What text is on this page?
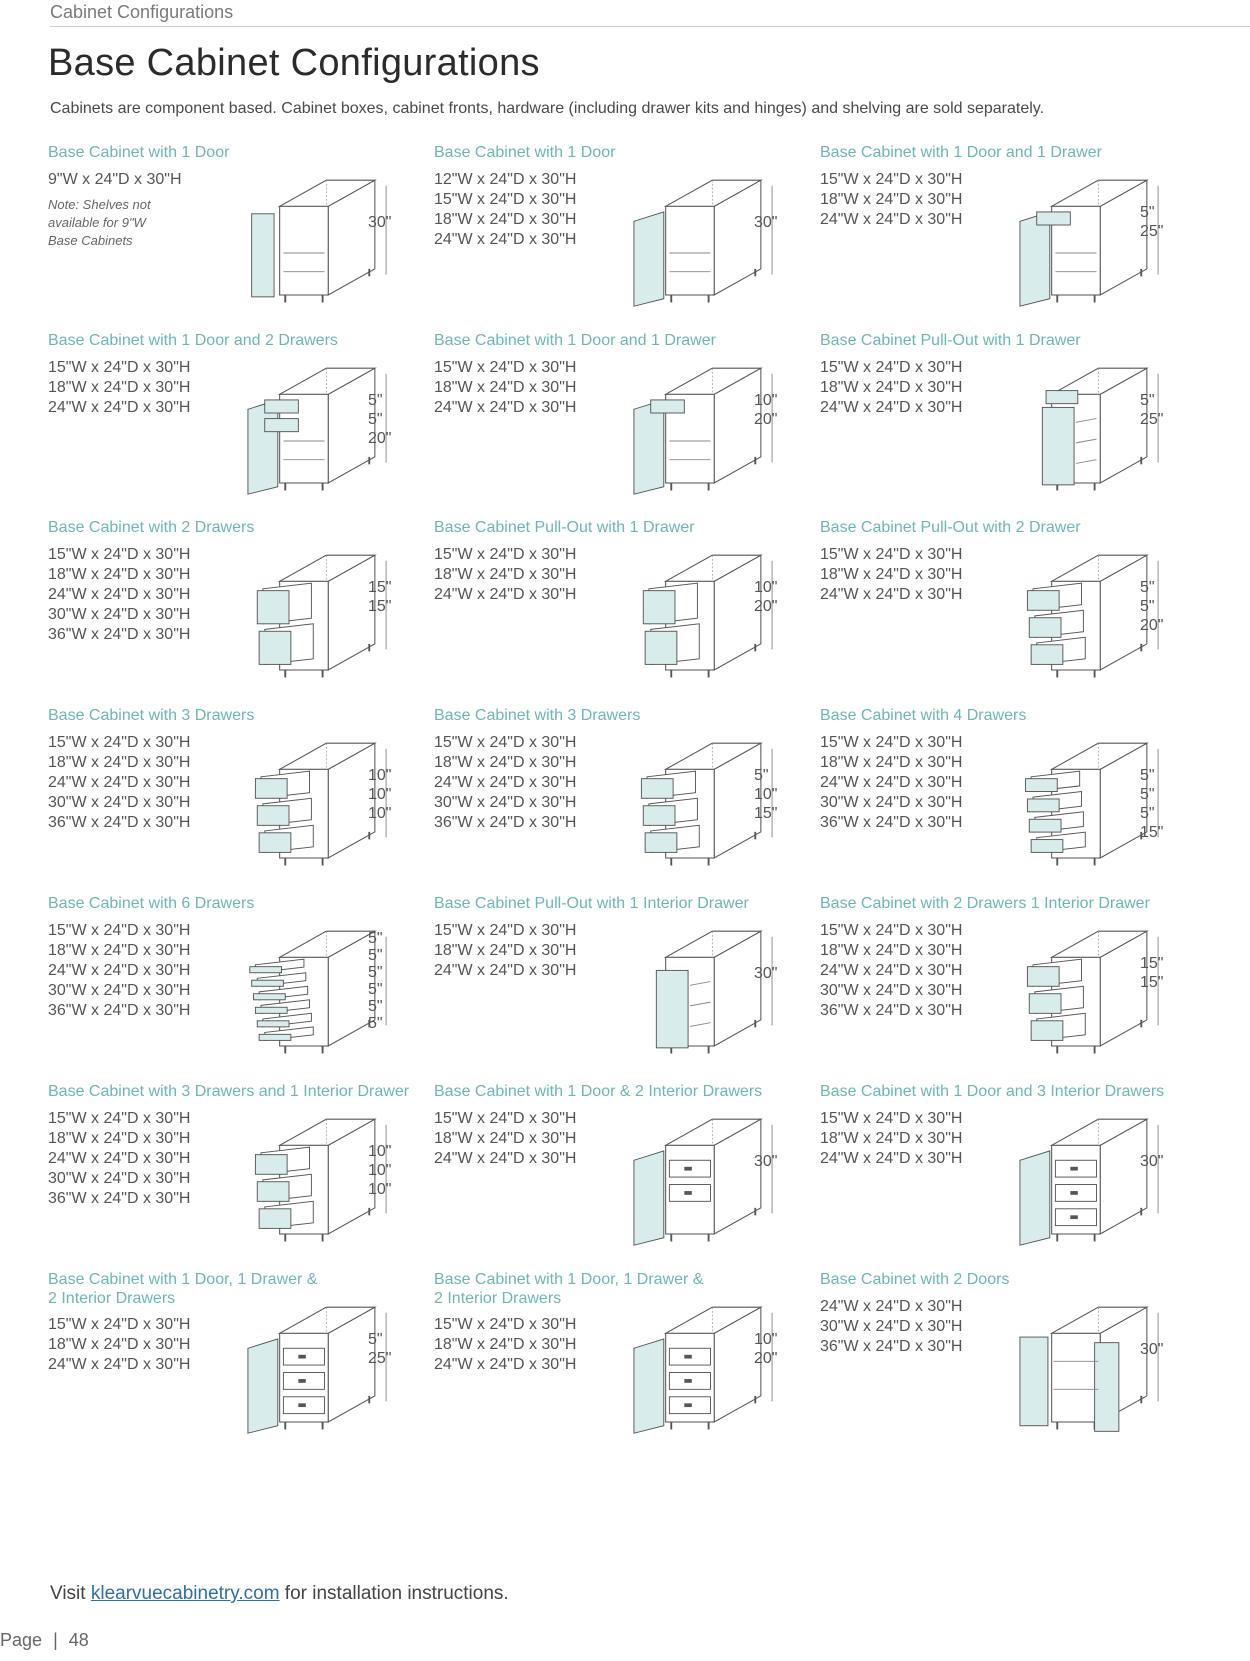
Cabinet Configurations
Base Cabinet Configurations
Cabinets are component based. Cabinet boxes, cabinet fronts, hardware (including drawer kits and hinges) and shelving are sold separately.
Base Cabinet with 1 Door
9"W x 24"D x 30"H
Note: Shelves not
available for 9"W
Base Cabinets
30"
Base Cabinet with 1 Door
12"W x 24"D x 30"H
15"W x 24"D x 30"H
18"W x 24"D x 30"H
24"W x 24"D x 30"H
30"
Base Cabinet with 1 Door and 1 Drawer
15"W x 24"D x 30"H
18"W x 24"D x 30"H
24"W x 24"D x 30"H	5"
25"
Base Cabinet with 1 Door and 2 Drawers
15"W x 24"D x 30"H
18"W x 24"D x 30"H
24"W x 24"D x 30"H	5"
5"
20"
Base Cabinet with 1 Door and 1 Drawer
15"W x 24"D x 30"H
18"W x 24"D x 30"H
24"W x 24"D x 30"H	10"
20"
Base Cabinet Pull-Out with 1 Drawer
15"W x 24"D x 30"H
18"W x 24"D x 30"H
24"W x 24"D x 30"H	5"
25"
Base Cabinet with 2 Drawers
15"W x 24"D x 30"H
18"W x 24"D x 30"H
24"W x 24"D x 30"H
30"W x 24"D x 30"H
36"W x 24"D x 30"H
15"
15"
Base Cabinet Pull-Out with 1 Drawer
15"W x 24"D x 30"H
18"W x 24"D x 30"H
24"W x 24"D x 30"H	10"
20"
Base Cabinet Pull-Out with 2 Drawer
15"W x 24"D x 30"H
18"W x 24"D x 30"H
24"W x 24"D x 30"H	5"
5"
20"
Base Cabinet with 3 Drawers
15"W x 24"D x 30"H
18"W x 24"D x 30"H
24"W x 24"D x 30"H
30"W x 24"D x 30"H
36"W x 24"D x 30"H
10"
10"
10"
Base Cabinet with 3 Drawers
15"W x 24"D x 30"H
18"W x 24"D x 30"H
24"W x 24"D x 30"H
30"W x 24"D x 30"H
36"W x 24"D x 30"H
5"
10"
15"
Base Cabinet with 4 Drawers
15"W x 24"D x 30"H
18"W x 24"D x 30"H
24"W x 24"D x 30"H
30"W x 24"D x 30"H
36"W x 24"D x 30"H
5"
5"
5"
15"
Base Cabinet with 6 Drawers
15"W x 24"D x 30"H
18"W x 24"D x 30"H
24"W x 24"D x 30"H
30"W x 24"D x 30"H
36"W x 24"D x 30"H
5"
5"
5"
5"
5"
5"
Base Cabinet Pull-Out with 1 Interior Drawer
15"W x 24"D x 30"H
18"W x 24"D x 30"H
24"W x 24"D x 30"H	30"
Base Cabinet with 2 Drawers 1 Interior Drawer
15"W x 24"D x 30"H
18"W x 24"D x 30"H
24"W x 24"D x 30"H
30"W x 24"D x 30"H
36"W x 24"D x 30"H
15"
15"
Base Cabinet with 3 Drawers and 1 Interior Drawer
15"W x 24"D x 30"H
18"W x 24"D x 30"H
24"W x 24"D x 30"H
30"W x 24"D x 30"H
36"W x 24"D x 30"H
10"
10"
10"
Base Cabinet with 1 Door & 2 Interior Drawers
15"W x 24"D x 30"H
18"W x 24"D x 30"H
24"W x 24"D x 30"H	30"
Base Cabinet with 1 Door and 3 Interior Drawers
15"W x 24"D x 30"H
18"W x 24"D x 30"H
24"W x 24"D x 30"H	30"
Base Cabinet with 1 Door, 1 Drawer &
2 Interior Drawers
15"W x 24"D x 30"H
18"W x 24"D x 30"H
24"W x 24"D x 30"H
5"
25"
Base Cabinet with 1 Door, 1 Drawer &
2 Interior Drawers
15"W x 24"D x 30"H
18"W x 24"D x 30"H
24"W x 24"D x 30"H
10"
20"
Base Cabinet with 2 Doors
24"W x 24"D x 30"H
30"W x 24"D x 30"H
36"W x 24"D x 30"H	30"
Visit klearvuecabinetry.com for installation instructions.
Page | 48
